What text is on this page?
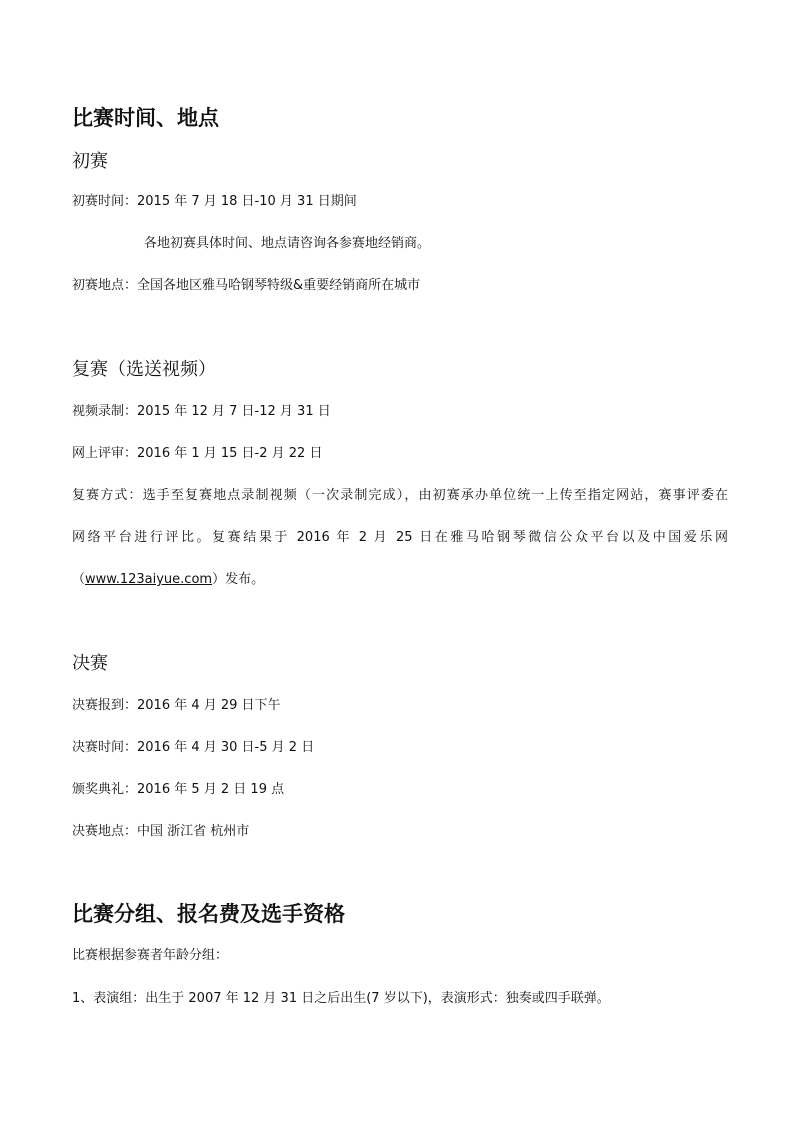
比赛时间、地点
初赛
初赛时间：2015 年 7 月 18 日-10 月 31 日期间
各地初赛具体时间、地点请咨询各参赛地经销商。
初赛地点：全国各地区雅马哈钢琴特级&重要经销商所在城市
复赛（选送视频）
视频录制：2015 年 12 月 7 日-12 月 31 日
网上评审：2016 年 1 月 15 日-2 月 22 日
复赛方式：选手至复赛地点录制视频（一次录制完成），由初赛承办单位统一上传至指定网站，赛事评委在
网络平台进行评比。复赛结果于 2016 年 2 月 25 日在雅马哈钢琴微信公众平台以及中国爱乐网
（www.123aiyue.com）发布。
决赛
决赛报到：2016 年 4 月 29 日下午
决赛时间：2016 年 4 月 30 日-5 月 2 日
颁奖典礼：2016 年 5 月 2 日 19 点
决赛地点：中国 浙江省 杭州市
比赛分组、报名费及选手资格
比赛根据参赛者年龄分组：
1、表演组：出生于 2007 年 12 月 31 日之后出生(7 岁以下)，表演形式：独奏或四手联弹。
